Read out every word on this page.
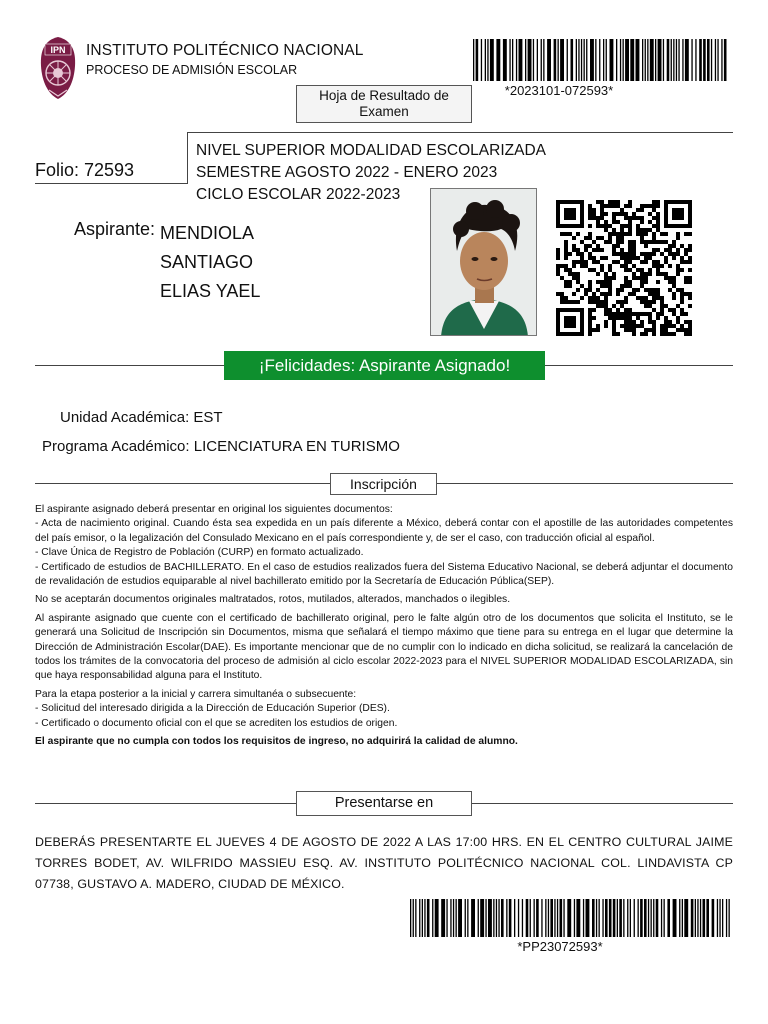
IPN INSTITUTO POLITÉCNICO NACIONAL
PROCESO DE ADMISIÓN ESCOLAR
*2023101-072593*
Hoja de Resultado de Examen
Folio: 72593
NIVEL SUPERIOR MODALIDAD ESCOLARIZADA
SEMESTRE AGOSTO 2022 - ENERO 2023
CICLO ESCOLAR 2022-2023
Aspirante: MENDIOLA
SANTIAGO
ELIAS YAEL
¡Felicidades: Aspirante Asignado!
Unidad Académica: EST
Programa Académico: LICENCIATURA EN TURISMO
Inscripción

El aspirante asignado deberá presentar en original los siguientes documentos:
- Acta de nacimiento original. Cuando ésta sea expedida en un país diferente a México, deberá contar con el apostille de las autoridades competentes del país emisor, o la legalización del Consulado Mexicano en el país correspondiente y, de ser el caso, con traducción oficial al español.
- Clave Única de Registro de Población (CURP) en formato actualizado.
- Certificado de estudios de BACHILLERATO. En el caso de estudios realizados fuera del Sistema Educativo Nacional, se deberá adjuntar el documento de revalidación de estudios equiparable al nivel bachillerato emitido por la Secretaría de Educación Pública(SEP).

No se aceptarán documentos originales maltratados, rotos, mutilados, alterados, manchados o ilegibles.

Al aspirante asignado que cuente con el certificado de bachillerato original, pero le falte algún otro de los documentos que solicita el Instituto, se le generará una Solicitud de Inscripción sin Documentos, misma que señalará el tiempo máximo que tiene para su entrega en el lugar que determine la Dirección de Administración Escolar(DAE). Es importante mencionar que de no cumplir con lo indicado en dicha solicitud, se realizará la cancelación de todos los trámites de la convocatoria del proceso de admisión al ciclo escolar 2022-2023 para el NIVEL SUPERIOR MODALIDAD ESCOLARIZADA, sin que haya responsabilidad alguna para el Instituto.

Para la etapa posterior a la inicial y carrera simultanéa o subsecuente:
- Solicitud del interesado dirigida a la Dirección de Educación Superior (DES).
- Certificado o documento oficial con el que se acrediten los estudios de origen.

El aspirante que no cumpla con todos los requisitos de ingreso, no adquirirá la calidad de alumno.

Presentarse en
DEBERÁS PRESENTARTE EL JUEVES 4 DE AGOSTO DE 2022 A LAS 17:00 HRS. EN EL CENTRO CULTURAL JAIME TORRES BODET, AV. WILFRIDO MASSIEU ESQ. AV. INSTITUTO POLITÉCNICO NACIONAL COL. LINDAVISTA CP 07738, GUSTAVO A. MADERO, CIUDAD DE MÉXICO.
*PP23072593*
